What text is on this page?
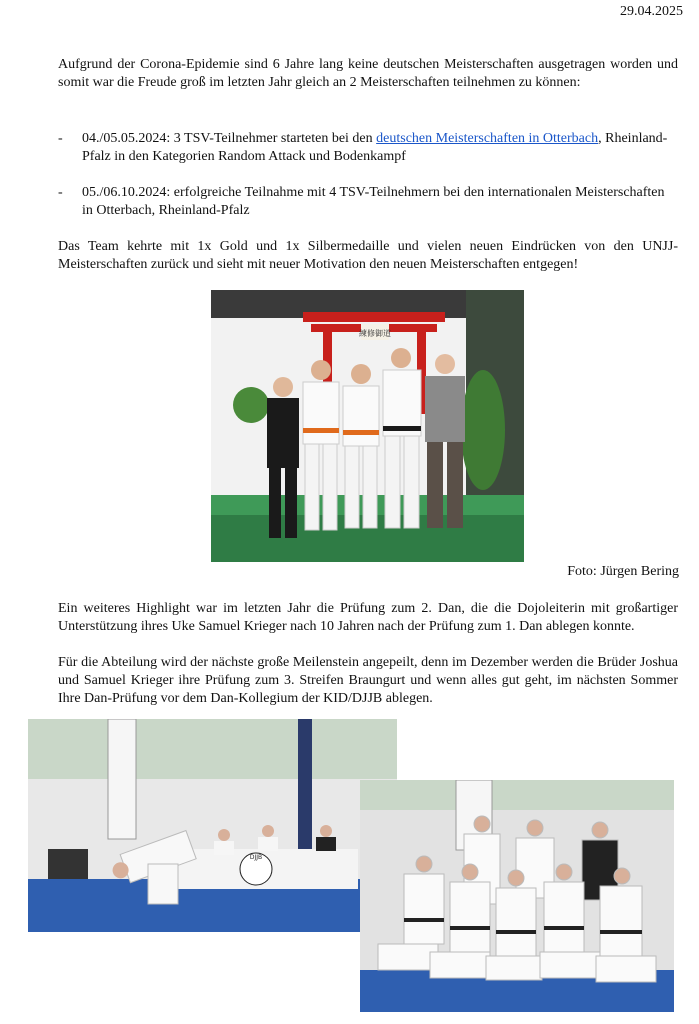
29.04.2025
Aufgrund der Corona-Epidemie sind 6 Jahre lang keine deutschen Meisterschaften ausgetragen worden und somit war die Freude groß im letzten Jahr gleich an 2 Meisterschaften teilnehmen zu können:
- 04./05.05.2024: 3 TSV-Teilnehmer starteten bei den deutschen Meisterschaften in Otterbach, Rheinland-Pfalz in den Kategorien Random Attack und Bodenkampf
- 05./06.10.2024: erfolgreiche Teilnahme mit 4 TSV-Teilnehmern bei den internationalen Meisterschaften in Otterbach, Rheinland-Pfalz
Das Team kehrte mit 1x Gold und 1x Silbermedaille und vielen neuen Eindrücken von den UNJJ-Meisterschaften zurück und sieht mit neuer Motivation den neuen Meisterschaften entgegen!
練修御道
Foto: Jürgen Bering
Ein weiteres Highlight war im letzten Jahr die Prüfung zum 2. Dan, die die Dojoleiterin mit großartiger Unterstützung ihres Uke Samuel Krieger nach 10 Jahren nach der Prüfung zum 1. Dan ablegen konnte.
Für die Abteilung wird der nächste große Meilenstein angepeilt, denn im Dezember werden die Brüder Joshua und Samuel Krieger ihre Prüfung zum 3. Streifen Braungurt und wenn alles gut geht, im nächsten Sommer Ihre Dan-Prüfung vor dem Dan-Kollegium der KID/DJJB ablegen.
DJJB
